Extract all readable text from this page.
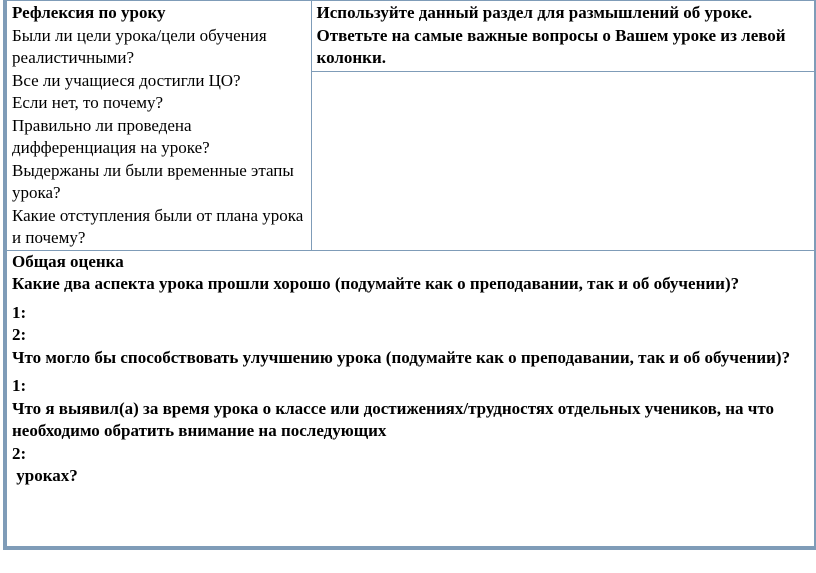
Рефлексия по уроку
Были ли цели урока/цели обучения реалистичными?
Все ли учащиеся достигли ЦО?
Если нет, то почему?
Правильно ли проведена дифференциация на уроке?
Выдержаны ли были временные этапы урока?
Какие отступления были от плана урока и почему?
	Используйте данный раздел для размышлений об уроке. Ответьте на самые важные вопросы о Вашем уроке из левой колонки.

Общая оценка
Какие два аспекта урока прошли хорошо (подумайте как о преподавании, так и об обучении)?
1:
2:
Что могло бы способствовать улучшению урока (подумайте как о преподавании, так и об обучении)?
1:
Что я выявил(а) за время урока о классе или достижениях/трудностях отдельных учеников, на что необходимо обратить внимание на последующих
2:
уроках?
